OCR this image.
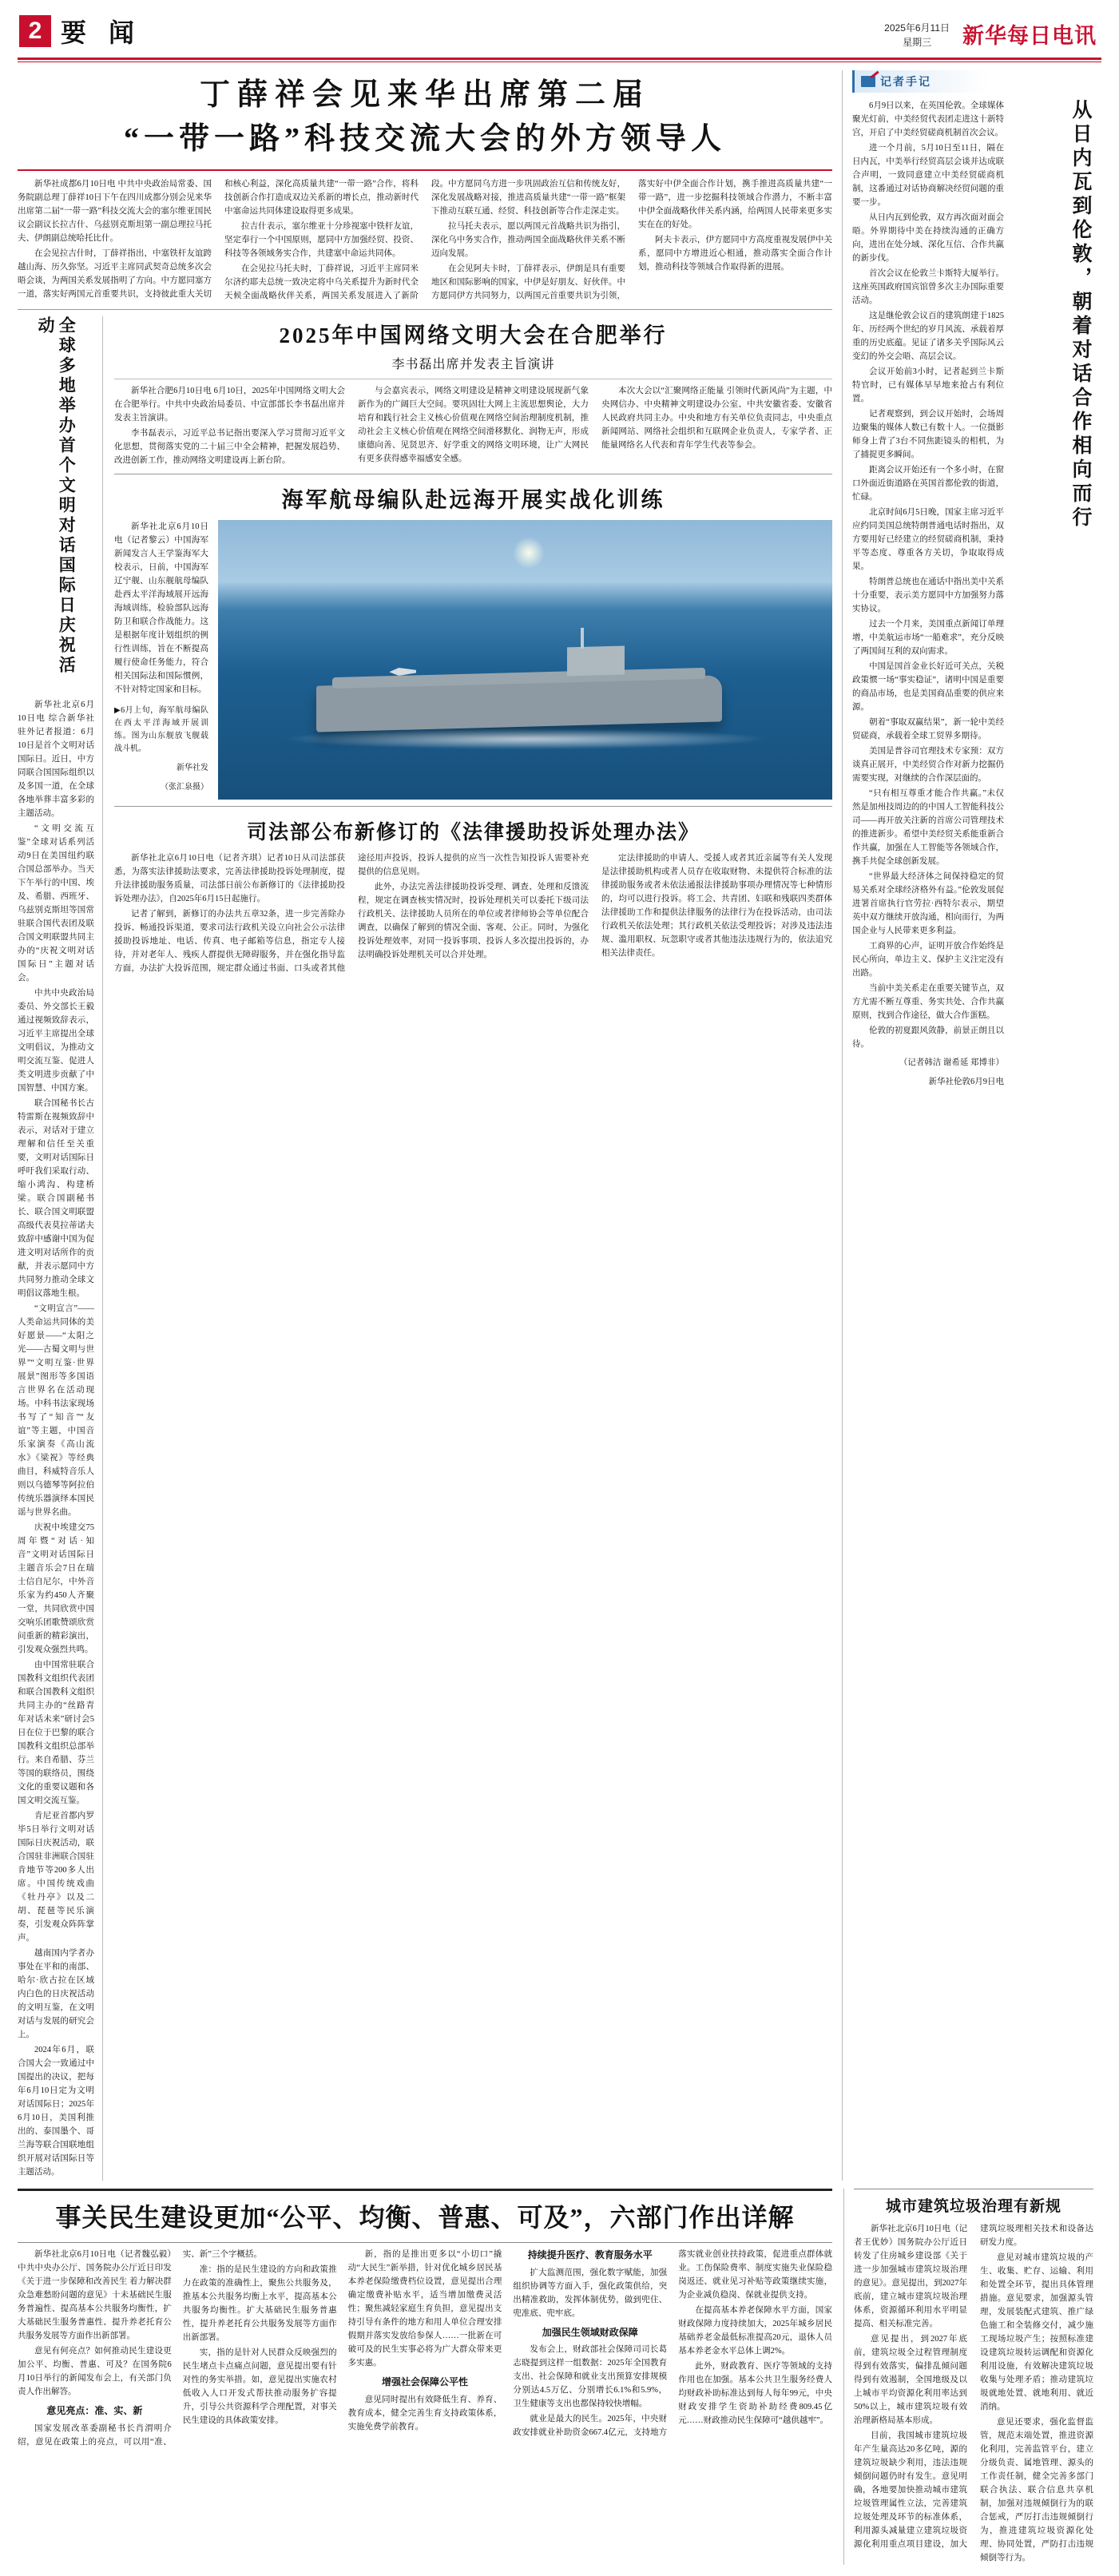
2 要 闻	2025年6月11日
星期三	新华每日电讯
丁薛祥会见来华出席第二届
“一带一路”科技交流大会的外方领导人

新华社成都6月10日电 中共中央政治局常委、国务院副总理丁薛祥10日下午在四川成都分别会见来华出席第二届“一带一路”科技交流大会的塞尔维亚国民议会副议长拉吉什、乌兹别克斯坦第一副总理拉马托夫、伊朗副总统哈托比什。

在会见拉吉什时，丁薛祥指出，中塞铁杆友谊跨越山海、历久弥坚。习近平主席同武契奇总统多次会晤会谈，为两国关系发展指明了方向。中方愿同塞方一道，落实好两国元首重要共识，支持彼此重大关切和核心利益，深化高质量共建“一带一路”合作，将科技创新合作打造成双边关系新的增长点，推动新时代中塞命运共同体建设取得更多成果。

拉吉什表示，塞尔维亚十分珍视塞中铁杆友谊，坚定奉行一个中国原则，愿同中方加强经贸、投资、科技等各领域务实合作，共建塞中命运共同体。

在会见拉马托夫时，丁薛祥说，习近平主席同米尔济约耶夫总统一致决定将中乌关系提升为新时代全天候全面战略伙伴关系，两国关系发展进入了新阶段。中方愿同乌方进一步巩固政治互信和传统友好，深化发展战略对接，推进高质量共建“一带一路”框架下推动互联互通、经贸、科技创新等合作走深走实。

拉马托夫表示，愿以两国元首战略共识为指引，深化乌中务实合作，推动两国全面战略伙伴关系不断迈向发展。

在会见阿夫卡时，丁薛祥表示，伊朗是具有重要地区和国际影响的国家，中伊是好朋友、好伙伴。中方愿同伊方共同努力，以两国元首重要共识为引领，落实好中伊全面合作计划，携手推进高质量共建“一带一路”，进一步挖掘科技领域合作潜力，不断丰富中伊全面战略伙伴关系内涵，给两国人民带来更多实实在在的好处。

阿夫卡表示，伊方愿同中方高度重视发展伊中关系，愿同中方增进近心相通，推动落实全面合作计划，推动科技等领域合作取得新的进展。

全球多地举办首个文明对话国际日庆祝活动

新华社北京6月10日电 综合新华社驻外记者报道：6月10日是首个文明对话国际日。近日，中方同联合国国际组织以及多国一道，在全球各地举葬丰富多彩的主题活动。

“文明交流互鉴”全球对话系列活动9日在美国纽约联合国总部举办。当天下午举行的中国、埃及、希腊、西班牙、乌兹别克斯坦等国常驻联合国代表团及联合国文明联盟共同主办的“庆祝文明对话国际日”主题对话会。

中共中央政治局委员、外交部长王毅通过视频致辞表示，习近平主席提出全球文明倡议，为推动文明交流互鉴、促进人类文明进步贡献了中国智慧、中国方案。

联合国秘书长古特雷斯在视频致辞中表示，对话对于建立理解和信任至关重要，文明对话国际日呼吁我们采取行动、缩小鸿沟、构建桥梁。联合国副秘书长、联合国文明联盟高级代表莫拉蒂诺夫致辞中感谢中国为促进文明对话所作的贡献，并表示愿同中方共同努力推动全球文明倡议落地生根。

“文明宣言”——人类命运共同体的美好愿景——“太阳之光——古蜀文明与世界”“文明互鉴·世界展景”图形等多国语言世界名在活动现场。中科书法家现场书写了“知音”“友谊”等主题，中国音乐家演奏《高山流水》《梁祝》等经典曲目，科威特音乐人则以乌德琴等阿拉伯传统乐器演绎本国民谣与世界名曲。

庆祝中埃建交75周年暨“对话·知音”文明对话国际日主题音乐会7日在瑞士信自尼尔，中外音乐家为约450人齐聚一堂，共同欣赏中国交响乐团歌赞颂欣赏问重新的精彩演出，引发观众强烈共鸣。

由中国常驻联合国教科文组织代表团和联合国教科文组织共同主办的“丝路青年对话未来”研讨会5日在位于巴黎的联合国教科文组织总部举行。来自希腊、芬兰等国的联络员，围绕文化的重要议题和各国文明交流互鉴。

肯尼亚首都内罗毕5日举行文明对话国际日庆祝活动，联合国驻非洲联合国驻肯地节等200多人出席。中国传统戏曲《牡丹亭》以及二胡、琵琶等民乐演奏，引发观众阵阵掌声。

越南国内学者办事处在平和的南部、哈尔·欣古拉在区域内白色的日庆祝活动的文明互鉴，在文明对话与发展的研究会上。

2024年6月，联合国大会一致通过中国提出的决议，把每年6月10日定为文明对话国际日；2025年6月10日，美国利推出的、泰国墨个、哥兰海等联合国联地组织开展对话国际日等主题活动。

2025年中国网络文明大会在合肥举行
李书磊出席并发表主旨演讲

新华社合肥6月10日电 6月10日，2025年中国网络文明大会在合肥举行。中共中央政治局委员、中宣部部长李书磊出席并发表主旨演讲。

李书磊表示，习近平总书记指出要深入学习贯彻习近平文化思想，贯彻落实党的二十届三中全会精神，把握发展趋势、改进创新工作，推动网络文明建设再上新台阶。

与会嘉宾表示，网络文明建设是精神文明建设展现新气象新作为的广阔巨大空间。要巩固壮大网上主流思想舆论，大力培育和践行社会主义核心价值观在网络空间治理制度机制，推动社会主义核心价值观在网络空间滑移默化、润物无声，形成康德向善、见贤思齐、好学重文的网络文明环境，让广大网民有更多获得感幸福感安全感。

本次大会以“汇聚网络正能量 引领时代新风尚”为主题，中央网信办、中央精神文明建设办公室、中共安徽省委、安徽省人民政府共同主办。中央和地方有关单位负责同志，中央重点新闻网站、网络社会组织和互联网企业负责人，专家学者、正能量网络名人代表和青年学生代表等参会。

海军航母编队赴远海开展实战化训练

新华社北京6月10日电（记者黎云）中国海军新闻发言人王学鉴海军大校表示，日前，中国海军辽宁舰、山东舰航母编队赴西太平洋海域展开远海海域训练，检验部队远海防卫和联合作战能力。这是根据年度计划组织的例行性训练，旨在不断提高履行使命任务能力，符合相关国际法和国际惯例，不针对特定国家和目标。

▶6月上旬，海军航母编队在西太平洋海域开展训练。图为山东舰放飞舰载战斗机。
新华社发
（张汇泉摄）
司法部公布新修订的《法律援助投诉处理办法》

新华社北京6月10日电（记者齐琪）记者10日从司法部获悉，为落实法律援助法要求，完善法律援助投诉处理制度，提升法律援助服务质量，司法部日前公布新修订的《法律援助投诉处理办法》，自2025年6月15日起施行。

记者了解到，新修订的办法共五章32条，进一步完善除办投诉、畅通投诉渠道，要求司法行政机关设立向社会公示法律援助投诉地址、电话、传真、电子邮箱等信息，指定专人接待，并对老年人、残疾人群提供无障碍服务，并在强化指导监方面，办法扩大投诉范围，规定群众通过书面、口头或者其他途径用声投诉，投诉人提供的应当一次性告知投诉人需要补充提供的信息见则。

此外，办法完善法律援助投诉受理、调查、处理和反馈流程，规定在调查核实情况时，投诉处理机关可以委托下级司法行政机关、法律援助人员所在的单位或者律师协会等单位配合调查，以确保了解到的情况全面、客观、公正。同时，为强化投诉处理效率，对同一投诉事项、投诉人多次提出投诉的，办法明确投诉处理机关可以合并处理。

定法律援助的申请人、受援人或者其近亲属等有关人发现是法律援助机构或者人员存在收取财物、未提供符合标准的法律援助服务或者未依法通报法律援助事项办理情况等七种情形的，均可以进行投诉。将工会、共青团、妇联和残联四类群体法律援助工作和提供法律服务的法律行为在投诉活动，由司法行政机关依法处理；其行政机关依法受理投诉；对涉及违法违规、滥用职权、玩忽职守或者其他违法违规行为的，依法追究相关法律责任。

记者手记

6月9日以来，在英国伦敦。全球媒体聚光灯前，中美经贸代表团走进这十新特宫，开启了中美经贸磋商机制首次会议。

进一个月前，5月10日至11日，隔在日内瓦，中美举行经贸高层会谈并达成联合声明，一致同意建立中美经贸磋商机制，这番通过对话协商解决经贸问题的重要一步。

从日内瓦到伦敦，双方再次面对面会晤。外界期待中美在持续沟通的正确方向，进出在处分域、深化互信、合作共赢的新步伐。

首次会议在伦敦兰卡斯特大厦举行。这座英国政府国宾馆曾多次主办国际重要活动。

这是继伦敦会议百的建筑朗建于1825年、历经两个世纪的岁月风流、承载着厚重的历史底蕴。见证了诸多关乎国际风云变幻的外交会晤、高层会议。

会议开始前3小时，记者起到兰卡斯特官时，已有媒体早早地来抢占有利位置。

记者观察到，到会议开始时，会场周边聚集的媒体人数已有数十人。一位摄影师身上背了3台不同焦距镜头的相机，为了捕捉更多瞬间。

距离会议开始还有一个多小时，在窗口外面近街道路在英国首都伦敦的街道，忙碌。

北京时间6月5日晚，国家主席习近平应约同美国总统特朗普通电话时指出，双方要用好已经建立的经贸磋商机制，秉持平等态度、尊重各方关切，争取取得成果。

特朗普总统也在通话中指出美中关系十分重要，表示美方愿同中方加强努力落实协议。

过去一个月来，美国重点新闻订单理增，中美航运市场“一船难求”，充分反映了两国间互利的双向需求。

中国是国首金业长好近可关点，关税政策惯一场“事实稳证”，诸明中国是重要的商品市场，也是美国商品重要的供应来源。

朝着“事取双赢结果”，新一轮中美经贸磋商，承载着全球工贸界多期待。

美国是普谷司官理技术专家预：双方谈真正展开，中美经贸合作对新力挖掘仍需要实现，对继续的合作深层面的。

“只有相互尊重才能合作共赢。”未仅然是加州技周边的的中国人工智能科技公司——再开放关注新的首席公司管理技术的推进新步。希望中美经贸关系能重新合作共赢，加强在人工智能等各领域合作，携手共促全球创新发展。

“世界最大经济体之间保持稳定的贸易关系对全球经济格外有益。”伦敦发展促进署首席执行官劳拉·西特尔表示，期望英中双方继续开放沟通，相向而行，为两国企业与人民带来更多利益。

工商界的心声，证明开放合作始终是民心所向，单边主义、保护主义注定没有出路。

当前中美关系走在重要关键节点，双方尤需不断互尊重、务实共处、合作共赢原则，找到合作途径，做大合作蛋糕。

伦敦的初夏跟风敛静，前景正朗且以待。

（记者韩洁 谢希延 郑博非）
新华社伦敦6月9日电
从日内瓦到伦敦，朝着对话合作相向而行
事关民生建设更加“公平、均衡、普惠、可及”，六部门作出详解

新华社北京6月10日电（记者魏弘毅）中共中央办公厅、国务院办公厅近日印发《关于进一步保障和改善民生 着力解决群众急难愁盼问题的意见》十未基础民生服务普遍性、提高基本公共服务均衡性，扩大基础民生服务普惠性、提升养老托育公共服务发展等方面作出新部署。

意见有何亮点？如何推动民生建设更加公平、均衡、普惠、可及？在国务院6月10日举行的新闻发布会上，有关部门负责人作出解答。

意见亮点：准、实、新

国家发展改革委副秘书长肖渭明介绍，意见在政策上的亮点，可以用“准、实、新”三个字概括。

准：指的是民生建设的方向和政策推力在政策的准确性上，聚焦公共服务及，推基本公共服务均衡上水平，提高基本公共服务均衡性。扩大基础民生服务普惠性，提升养老托育公共服务发展等方面作出新部署。

实，指的是针对人民群众反映强烈的民生堵点卡点痛点问题，意见提出要有针对性的务实举措。如，意见提出实施农村低收入人口开发式帮扶推动服务扩容提升，引导公共资源科学合理配置，对事关民生建设的具体政策安排。

新，指的是推出更多以“小切口”撬动“大民生”新举措，针对优化城乡居民基本养老保险缴费档位设置，意见提出合理确定缴费补贴水平，适当增加缴费灵活性；聚焦减轻家庭生育负担，意见提出支持引导有条件的地方和用人单位合理安排假期并落实发放给参保人……一批新在可破可及的民生实事必将为广大群众带来更多实惠。

增强社会保障公平性

意见同时提出有效降低生育、养育、教育成本，健全完善生育支持政策体系，实施免费学前教育。

持续提升医疗、教育服务水平

扩大监测范围，强化数字赋能，加强组织协调等方面入手，强化政策供给，突出精准救助，发挥体制优势，做到兜住、兜准底、兜牢底。

加强民生领域财政保障

发布会上，财政部社会保障司司长葛志晓提到这样一组数据：2025年全国教育支出、社会保障和就业支出预算安排规模分别达4.5万亿、分别增长6.1%和5.9%，卫生健康等支出也都保持较快增幅。

就业是最大的民生。2025年，中央财政安排就业补助资金667.4亿元，支持地方落实就业创业扶持政策，促进重点群体就业。工伤保险费率、制度实施失业保险稳岗返还、就业见习补贴等政策继续实施，为企业减负稳岗、保就业提供支持。

在提高基本养老保障水平方面，国家财政保障力度持续加大，2025年城乡居民基础养老金最低标准提高20元，退休人员基本养老金水平总体上调2%。

此外，财政教育、医疗等领域的支持作用也在加强。基本公共卫生服务经费人均财政补助标准达到每人每年99元，中央财政安排学生资助补助经费809.45亿元……财政推动民生保障可“越供越牢”。

城市建筑垃圾治理有新规

新华社北京6月10日电（记者王优妙）国务院办公厅近日转发了住房城乡建设部《关于进一步加强城市建筑垃圾治理的意见》。意见提出，到2027年底前，建立城市建筑垃圾治理体系，资源循环利用水平明显提高、相关标准完善。

意见提出，到2027年底前，建筑垃圾全过程管理制度得到有效落实，偏排乱倾问题得到有效遏制，全国地级及以上城市平均资源化利用率达到50%以上，城市建筑垃圾有效治理新格局基本形成。

目前，我国城市建筑垃圾年产生量高达20多亿吨，源的建筑垃圾缺少利用，违法违规倾倒问题仍时有发生。意见明确，各地要加快推动城市建筑垃圾管理属性立法，完善建筑垃圾处理及环节的标准体系，利用源头减量建立建筑垃圾资源化利用重点项目建设，加大建筑垃圾理相关技术和设备达研发力度。

意见对城市建筑垃圾的产生、收集、贮存、运输、利用和处置全环节，提出具体管理措施。意见要求，加强源头管理，发展装配式建筑、推广绿色施工和全装修交付，减少施工现场垃圾产生；按照标准建设建筑垃圾转运调配和资源化利用设施，有效解决建筑垃圾收集与处理矛盾；推动建筑垃圾就地处置、就地利用、就近消纳。

意见还要求，强化监督监管，规范末端处置，推进资源化利用，完善监管平台，建立分级负责、属地管理、源头的工作责任制，健全完善多部门联合执法、联合信息共享机制，加强对违规倾倒行为的联合惩戒，严厉打击违规倾倒行为，推进建筑垃圾资源化处理、协同处置，严防打击违规倾倒等行为。
